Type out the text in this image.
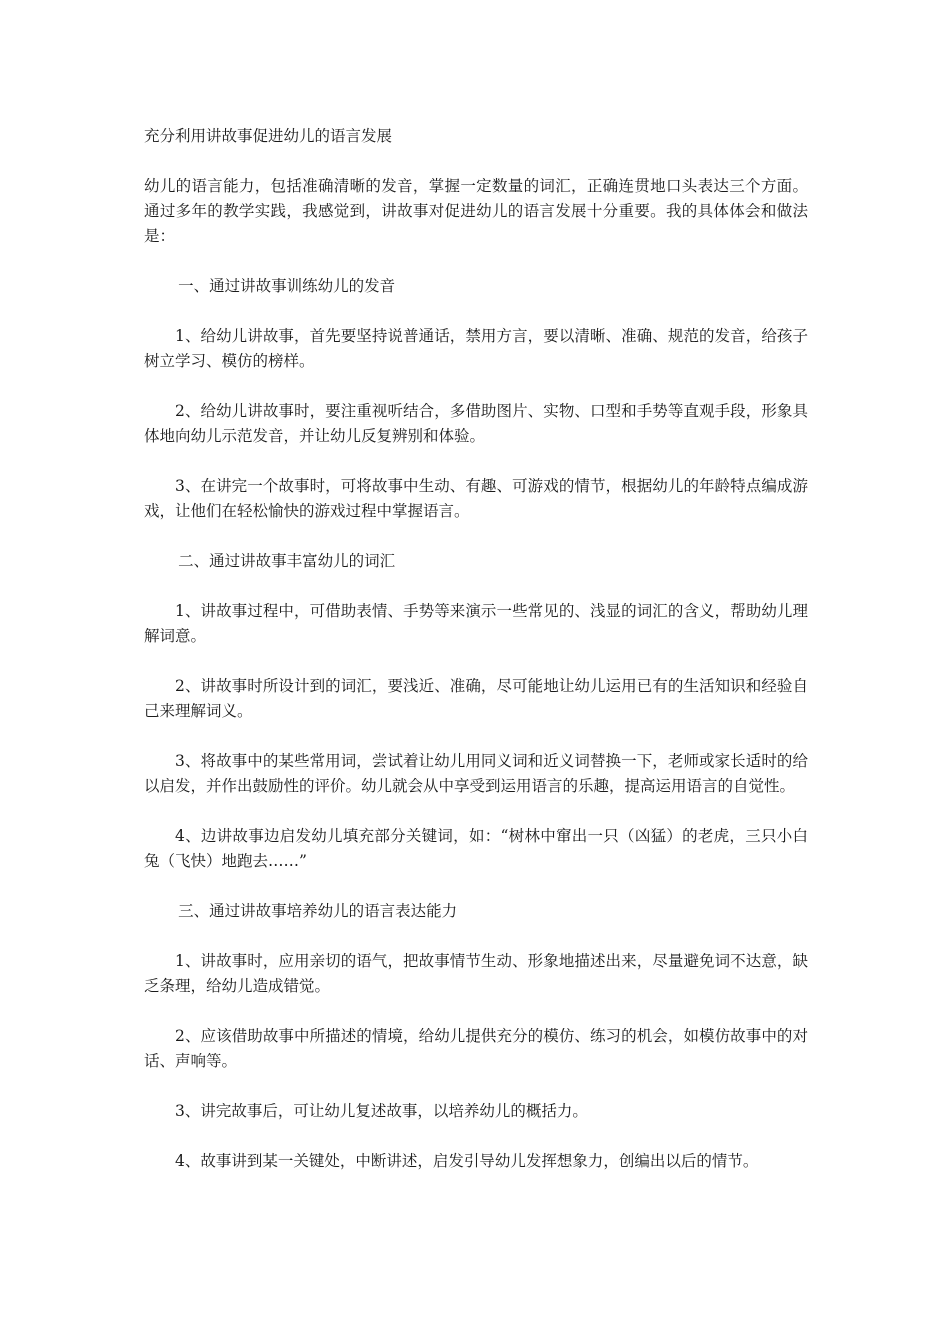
充分利用讲故事促进幼儿的语言发展

幼儿的语言能力，包括准确清晰的发音，掌握一定数量的词汇，正确连贯地口头表达三个方面。通过多年的教学实践，我感觉到，讲故事对促进幼儿的语言发展十分重要。我的具体体会和做法是：

一、通过讲故事训练幼儿的发音

1、给幼儿讲故事，首先要坚持说普通话，禁用方言，要以清晰、准确、规范的发音，给孩子树立学习、模仿的榜样。

2、给幼儿讲故事时，要注重视听结合，多借助图片、实物、口型和手势等直观手段，形象具体地向幼儿示范发音，并让幼儿反复辨别和体验。

3、在讲完一个故事时，可将故事中生动、有趣、可游戏的情节，根据幼儿的年龄特点编成游戏，让他们在轻松愉快的游戏过程中掌握语言。

二、通过讲故事丰富幼儿的词汇

1、讲故事过程中，可借助表情、手势等来演示一些常见的、浅显的词汇的含义，帮助幼儿理解词意。

2、讲故事时所设计到的词汇，要浅近、准确，尽可能地让幼儿运用已有的生活知识和经验自己来理解词义。

3、将故事中的某些常用词，尝试着让幼儿用同义词和近义词替换一下，老师或家长适时的给以启发，并作出鼓励性的评价。幼儿就会从中享受到运用语言的乐趣，提高运用语言的自觉性。

4、边讲故事边启发幼儿填充部分关键词，如：“树林中窜出一只（凶猛）的老虎，三只小白兔（飞快）地跑去……”

三、通过讲故事培养幼儿的语言表达能力

1、讲故事时，应用亲切的语气，把故事情节生动、形象地描述出来，尽量避免词不达意，缺乏条理，给幼儿造成错觉。

2、应该借助故事中所描述的情境，给幼儿提供充分的模仿、练习的机会，如模仿故事中的对话、声响等。

3、讲完故事后，可让幼儿复述故事，以培养幼儿的概括力。

4、故事讲到某一关键处，中断讲述，启发引导幼儿发挥想象力，创编出以后的情节。
